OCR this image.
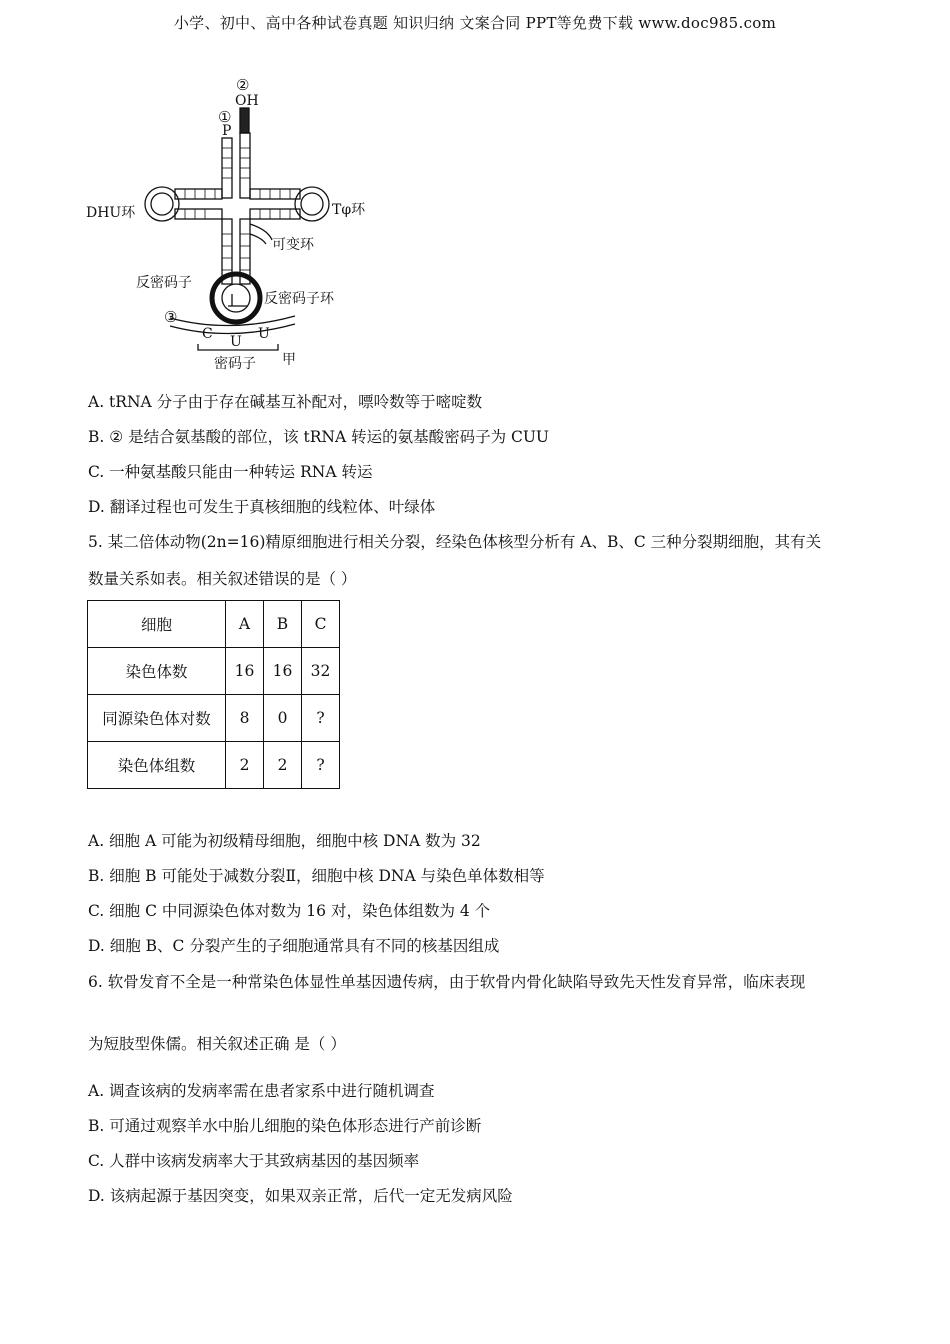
小学、初中、高中各种试卷真题 知识归纳 文案合同 PPT等免费下载 www.doc985.com
②
OH
①
P
DHU环	Tφ环
可变环
反密码子
反密码子环
③
C U U
密码子 甲
A. tRNA 分子由于存在碱基互补配对，嘌呤数等于嘧啶数
B. ② 是结合氨基酸的部位，该 tRNA 转运的氨基酸密码子为 CUU
C. 一种氨基酸只能由一种转运 RNA 转运
D. 翻译过程也可发生于真核细胞的线粒体、叶绿体
5. 某二倍体动物(2n=16)精原细胞进行相关分裂，经染色体核型分析有 A、B、C 三种分裂期细胞，其有关
数量关系如表。相关叙述错误的是（ ）
细胞	A	B	C
染色体数	16	16	32
同源染色体对数	8	0	?
染色体组数	2	2	?
A. 细胞 A 可能为初级精母细胞，细胞中核 DNA 数为 32
B. 细胞 B 可能处于减数分裂Ⅱ，细胞中核 DNA 与染色单体数相等
C. 细胞 C 中同源染色体对数为 16 对，染色体组数为 4 个
D. 细胞 B、C 分裂产生的子细胞通常具有不同的核基因组成
6. 软骨发育不全是一种常染色体显性单基因遗传病，由于软骨内骨化缺陷导致先天性发育异常，临床表现
为短肢型侏儒。相关叙述正确 是（ ）
A. 调查该病的发病率需在患者家系中进行随机调查
B. 可通过观察羊水中胎儿细胞的染色体形态进行产前诊断
C. 人群中该病发病率大于其致病基因的基因频率
D. 该病起源于基因突变，如果双亲正常，后代一定无发病风险
